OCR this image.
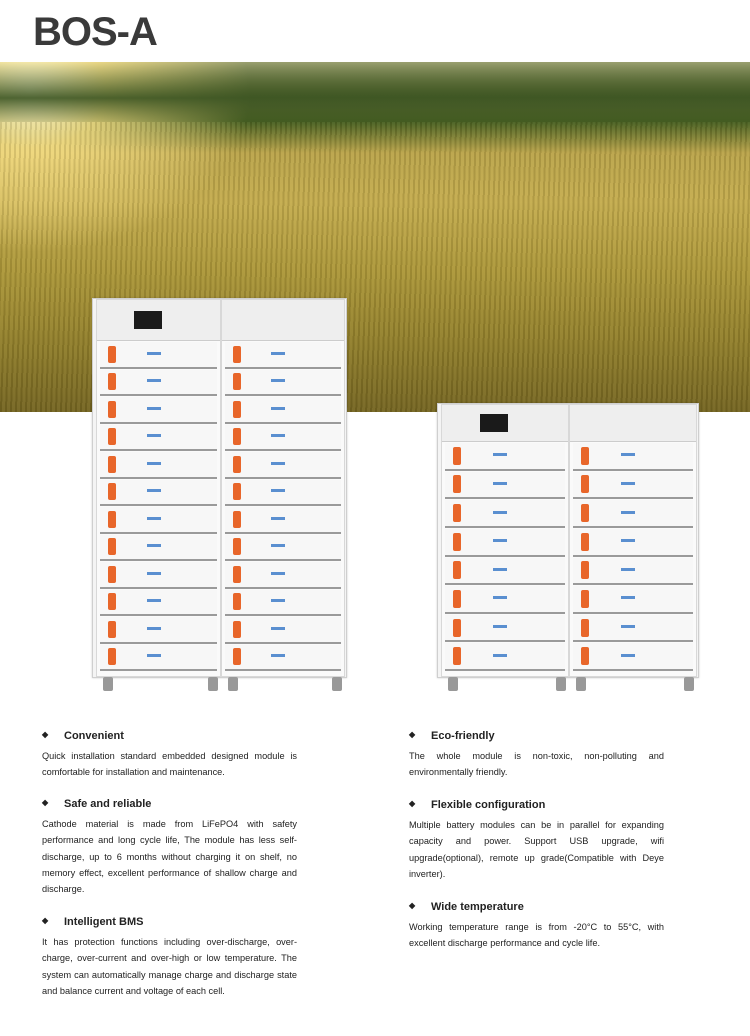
BOS-A
◆	Convenient

Quick installation standard embedded designed module is comfortable for installation and maintenance.

◆	Safe and reliable

Cathode material is made from LiFePO4 with safety performance and long cycle life, The module has less self-discharge, up to 6 months without charging it on shelf, no memory effect, excellent performance of shallow charge and discharge.

◆	Intelligent BMS

It has protection functions including over-discharge, over-charge, over-current and over-high or low temperature. The system can automatically manage charge and discharge state and balance current and voltage of each cell.

◆	Eco-friendly

The whole module is non-toxic, non-polluting and environmentally friendly.

◆	Flexible configuration

Multiple battery modules can be in parallel for expanding capacity and power. Support USB upgrade, wifi upgrade(optional), remote up grade(Compatible with Deye inverter).

◆	Wide temperature

Working temperature range is from -20°C to 55°C, with excellent discharge performance and cycle life.
